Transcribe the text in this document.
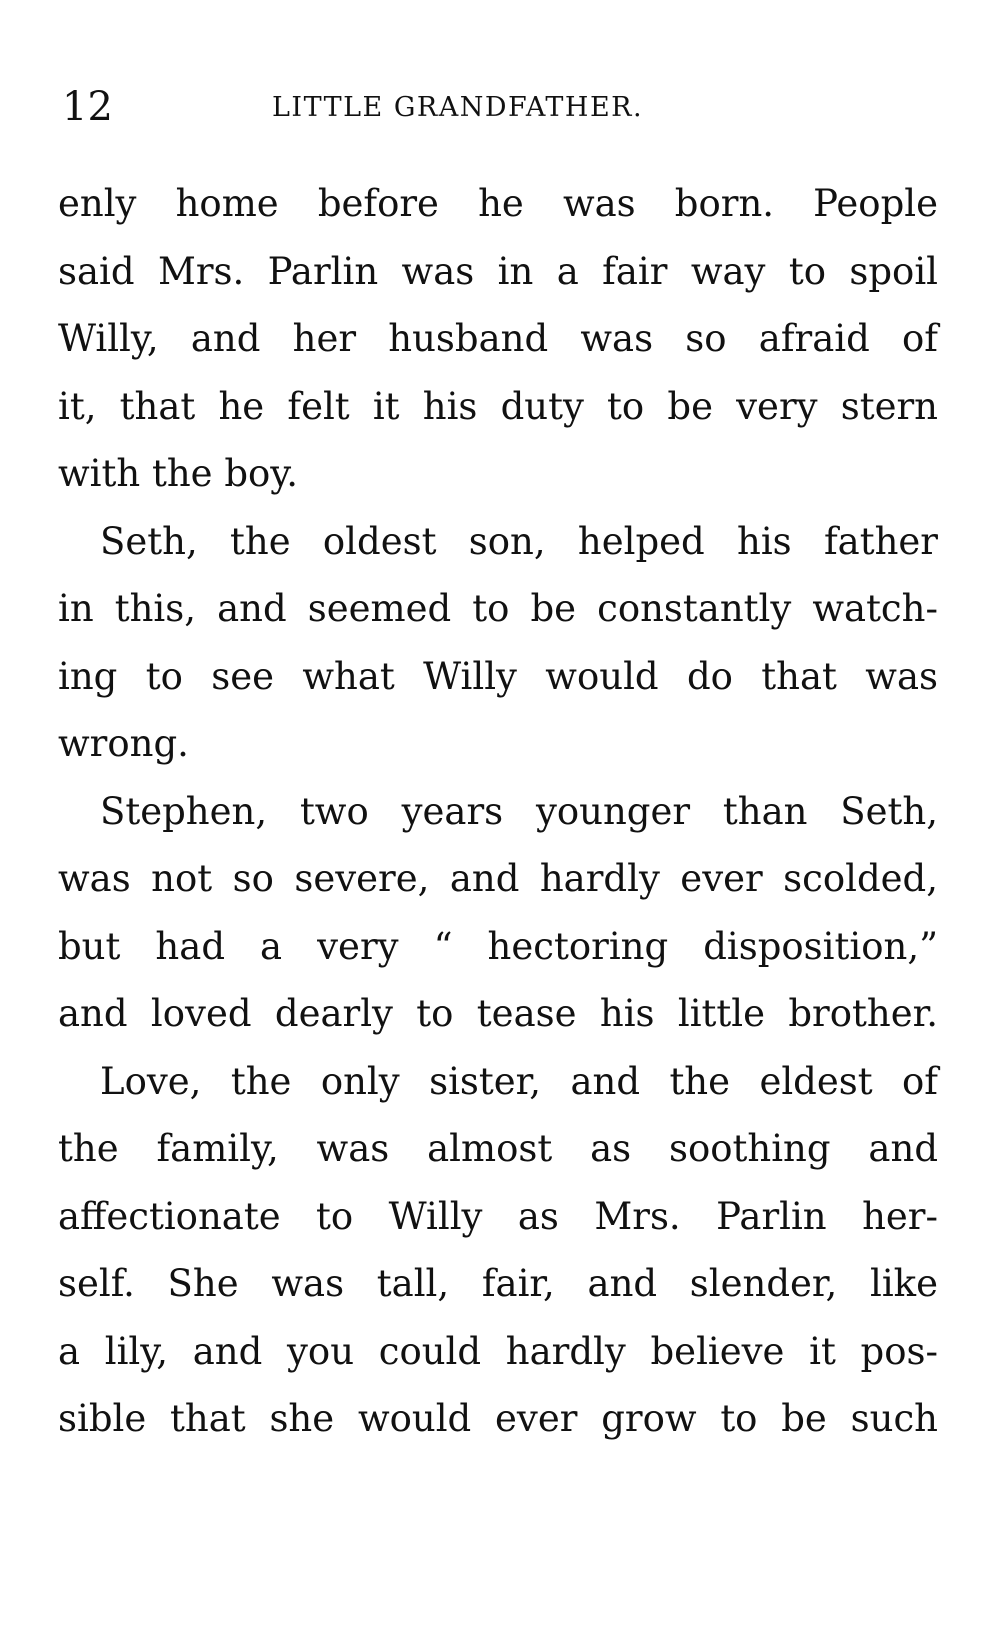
12	LITTLE GRANDFATHER.
enly home before he was born. People
said Mrs. Parlin was in a fair way to spoil
Willy, and her husband was so afraid of
it, that he felt it his duty to be very stern
with the boy.
Seth, the oldest son, helped his father
in this, and seemed to be constantly watch-
ing to see what Willy would do that was
wrong.
Stephen, two years younger than Seth,
was not so severe, and hardly ever scolded,
but had a very “ hectoring disposition,”
and loved dearly to tease his little brother.
Love, the only sister, and the eldest of
the family, was almost as soothing and
affectionate to Willy as Mrs. Parlin her-
self. She was tall, fair, and slender, like
a lily, and you could hardly believe it pos-
sible that she would ever grow to be such
